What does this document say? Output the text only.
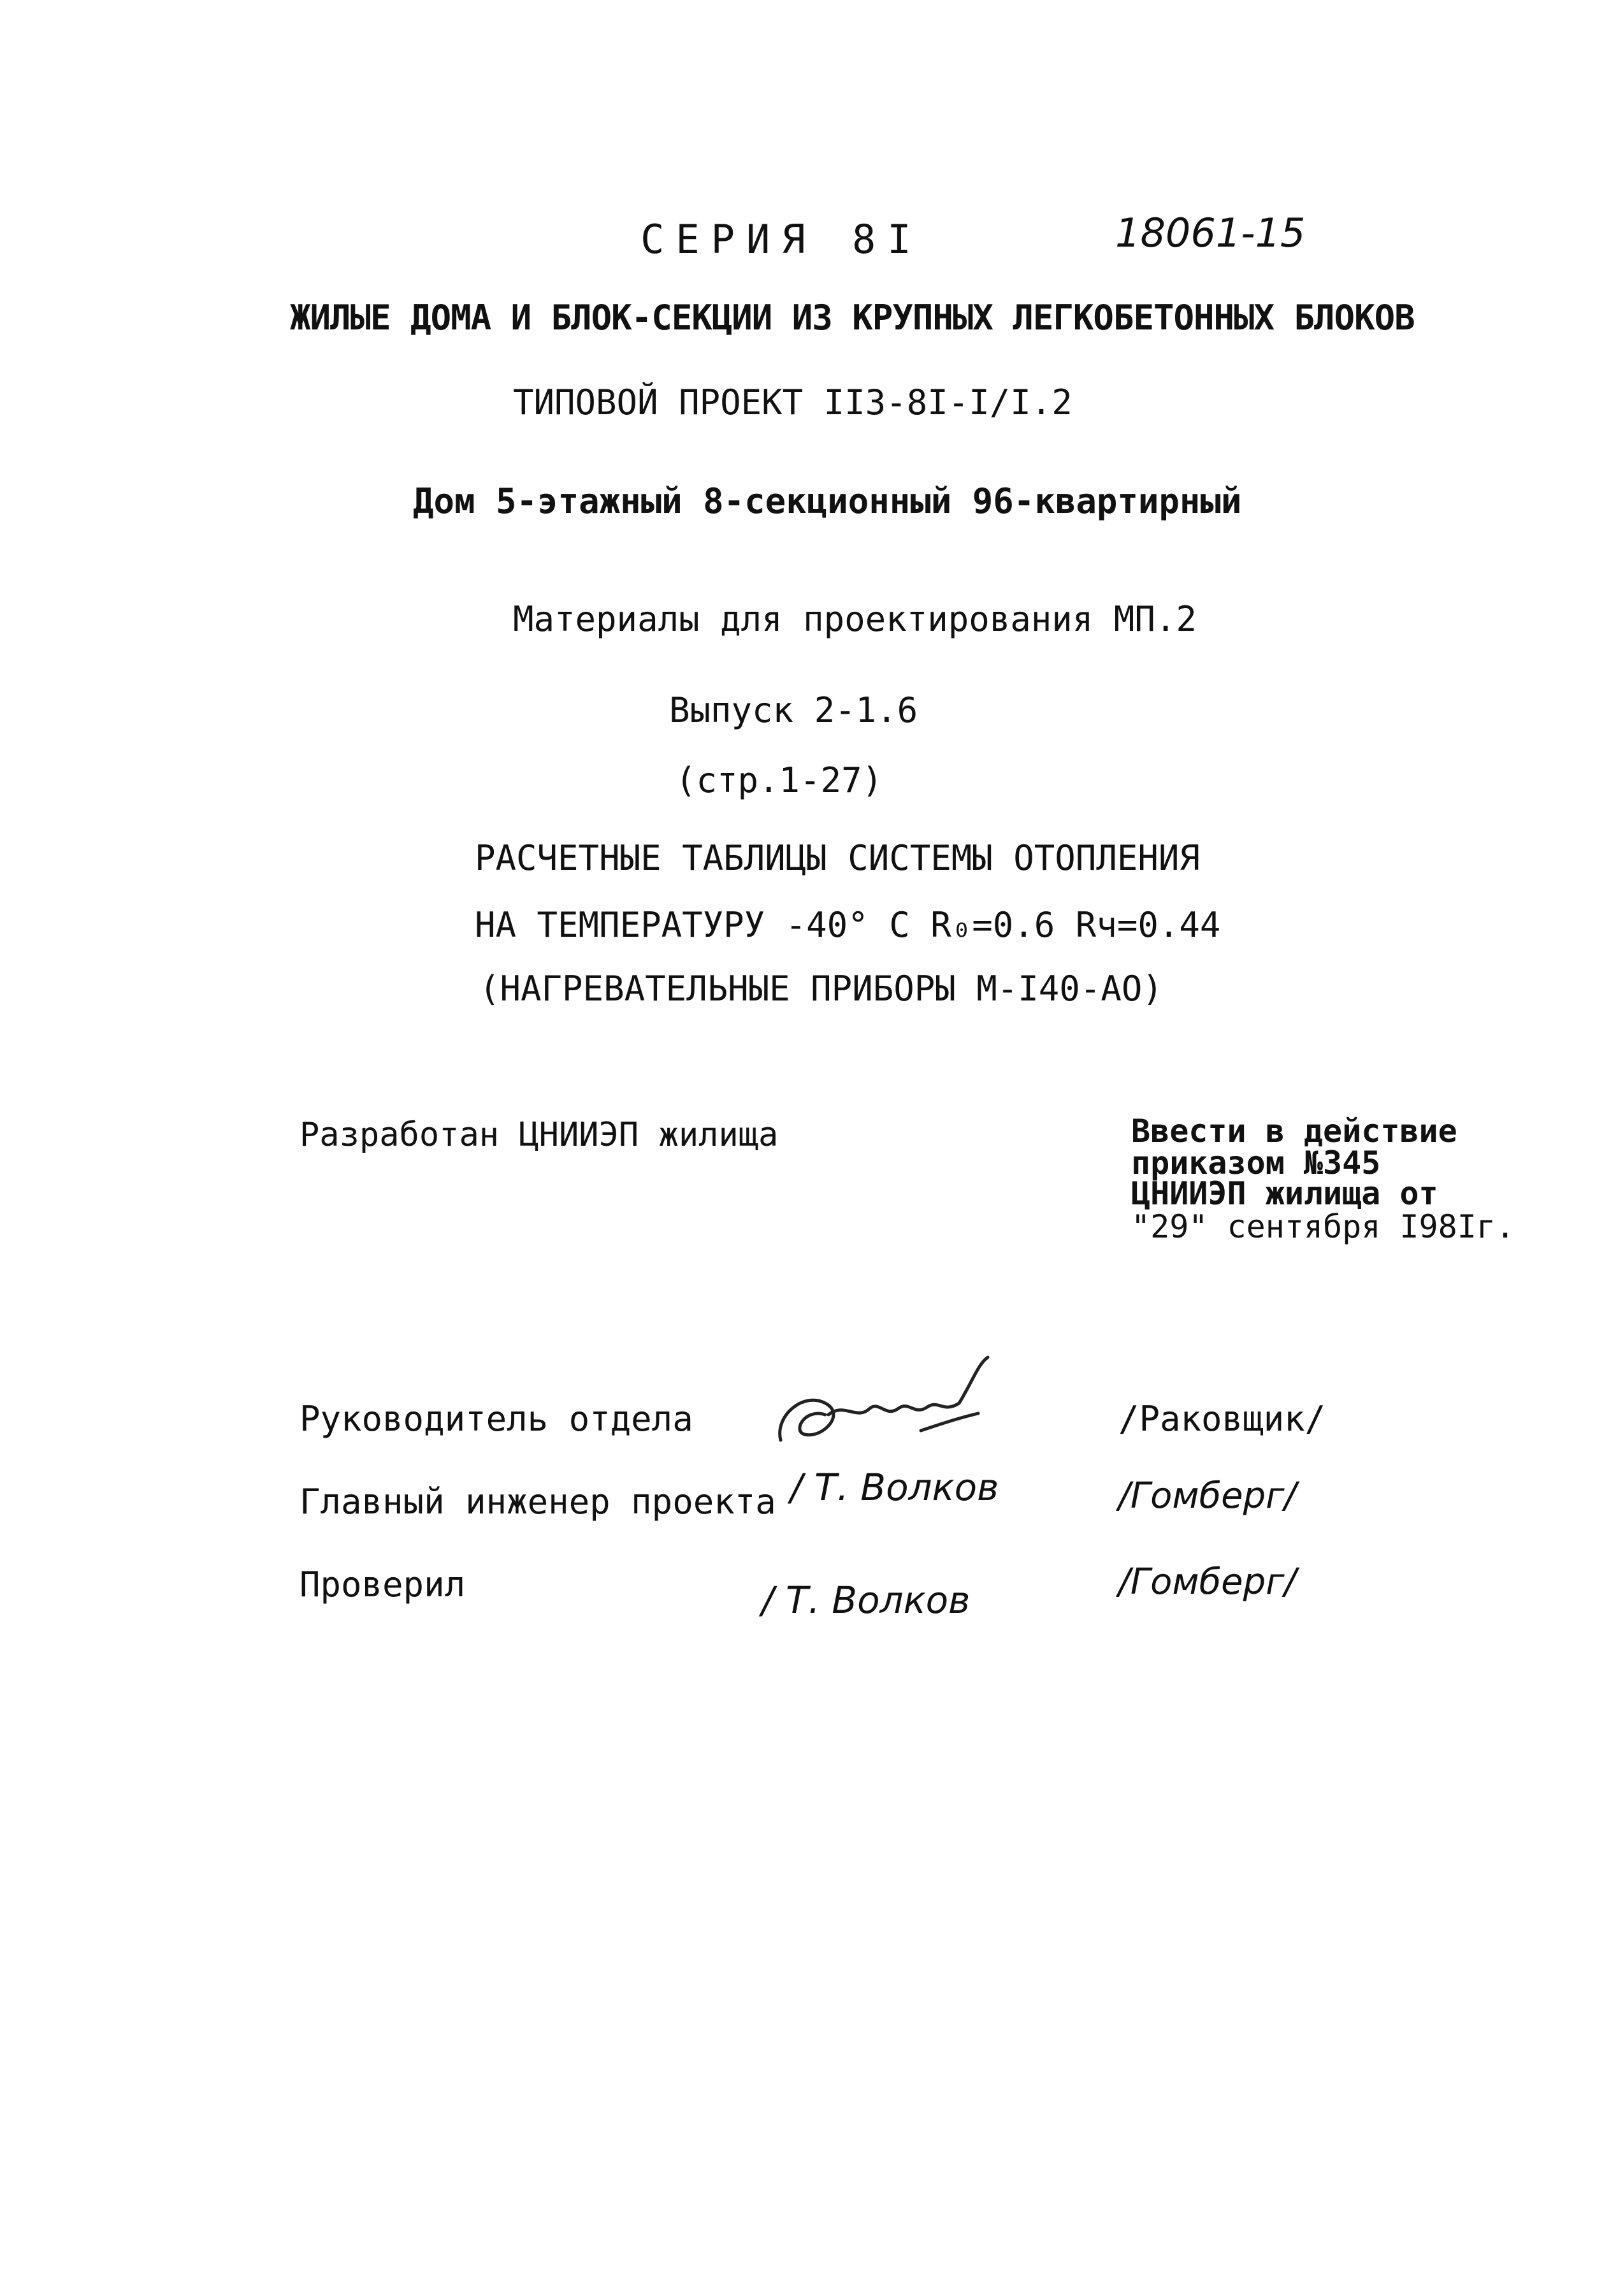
СЕРИЯ 8I	18061-15
ЖИЛЫЕ ДОМА И БЛОК-СЕКЦИИ ИЗ КРУПНЫХ ЛЕГКОБЕТОННЫХ БЛОКОВ
ТИПОВОЙ ПРОЕКТ II3-8I-I/I.2
Дом 5-этажный 8-секционный 96-квартирный
Материалы для проектирования МП.2
Выпуск 2-1.6
(стр.1-27)
РАСЧЕТНЫЕ ТАБЛИЦЫ СИСТЕМЫ ОТОПЛЕНИЯ
НА ТЕМПЕРАТУРУ -40° С R₀=0.6 Rч=0.44
(НАГРЕВАТЕЛЬНЫЕ ПРИБОРЫ М-I40-АО)
Разработан ЦНИИЭП жилища	Ввести в действие
приказом №345
ЦНИИЭП жилища от
"29" сентября I98Iг.
Руководитель отдела	/Раковщик/
Главный инженер проекта / Т. Волков	/Гомберг/
Проверил	/ Т. Волков	/Гомберг/
